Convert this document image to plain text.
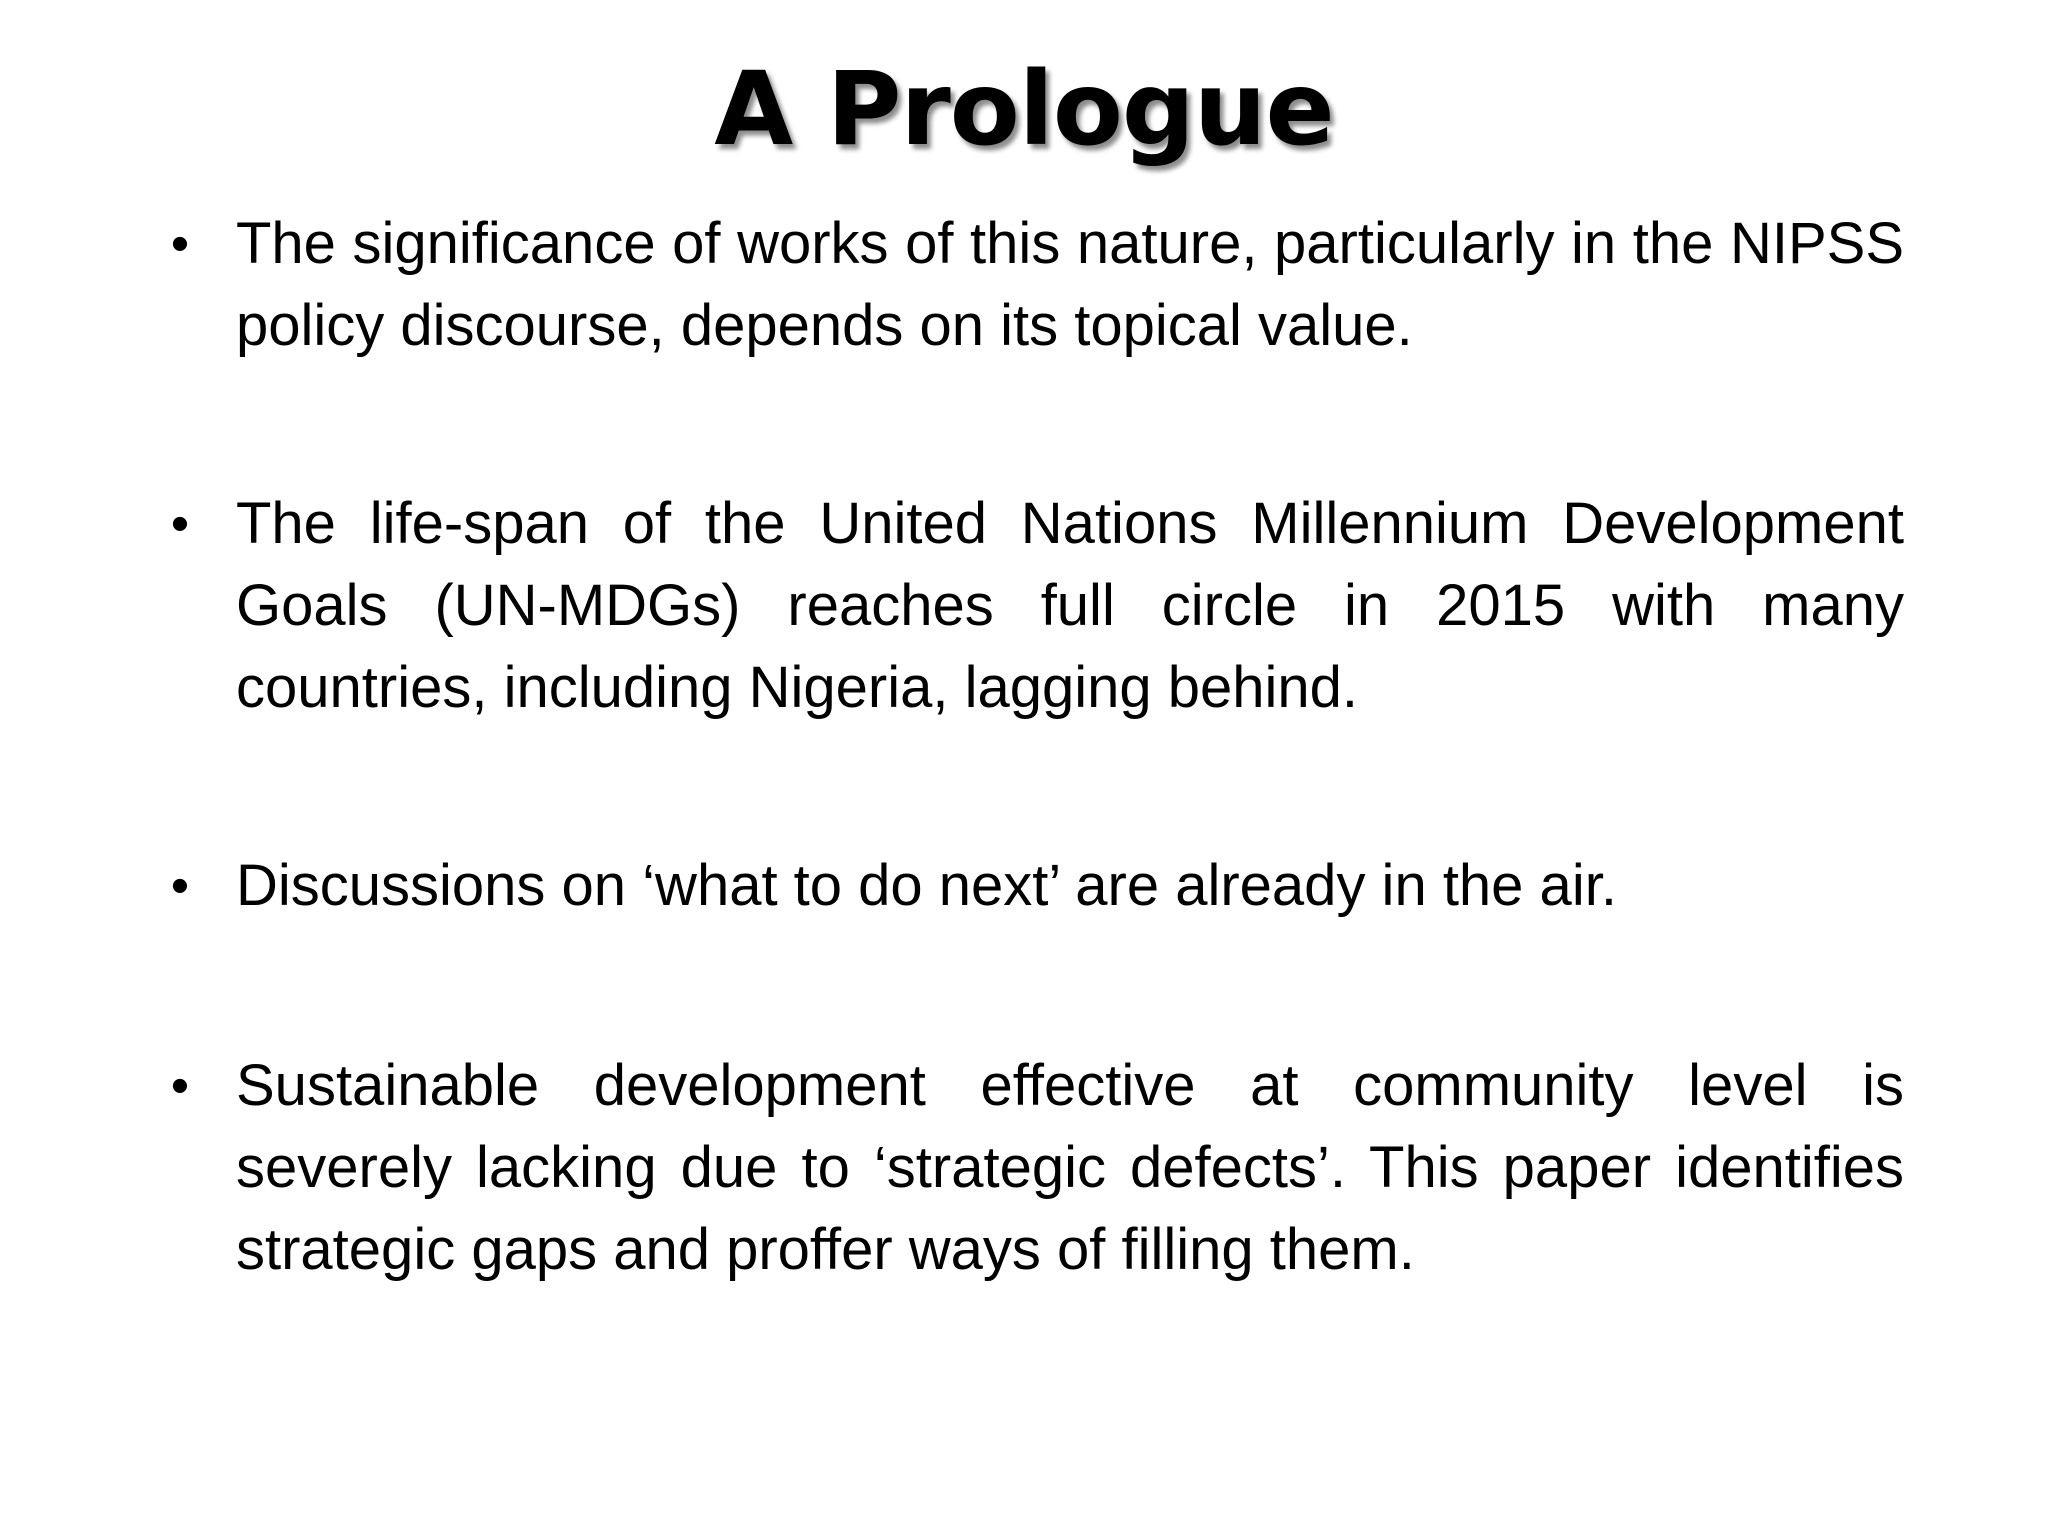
A Prologue
• The significance of works of this nature, particularly in the NIPSS policy discourse, depends on its topical value.
• The life-span of the United Nations Millennium Development Goals (UN-MDGs) reaches full circle in 2015 with many countries, including Nigeria, lagging behind.
• Discussions on ‘what to do next’ are already in the air.
• Sustainable development effective at community level is severely lacking due to ‘strategic defects’. This paper identifies strategic gaps and proffer ways of filling them.
